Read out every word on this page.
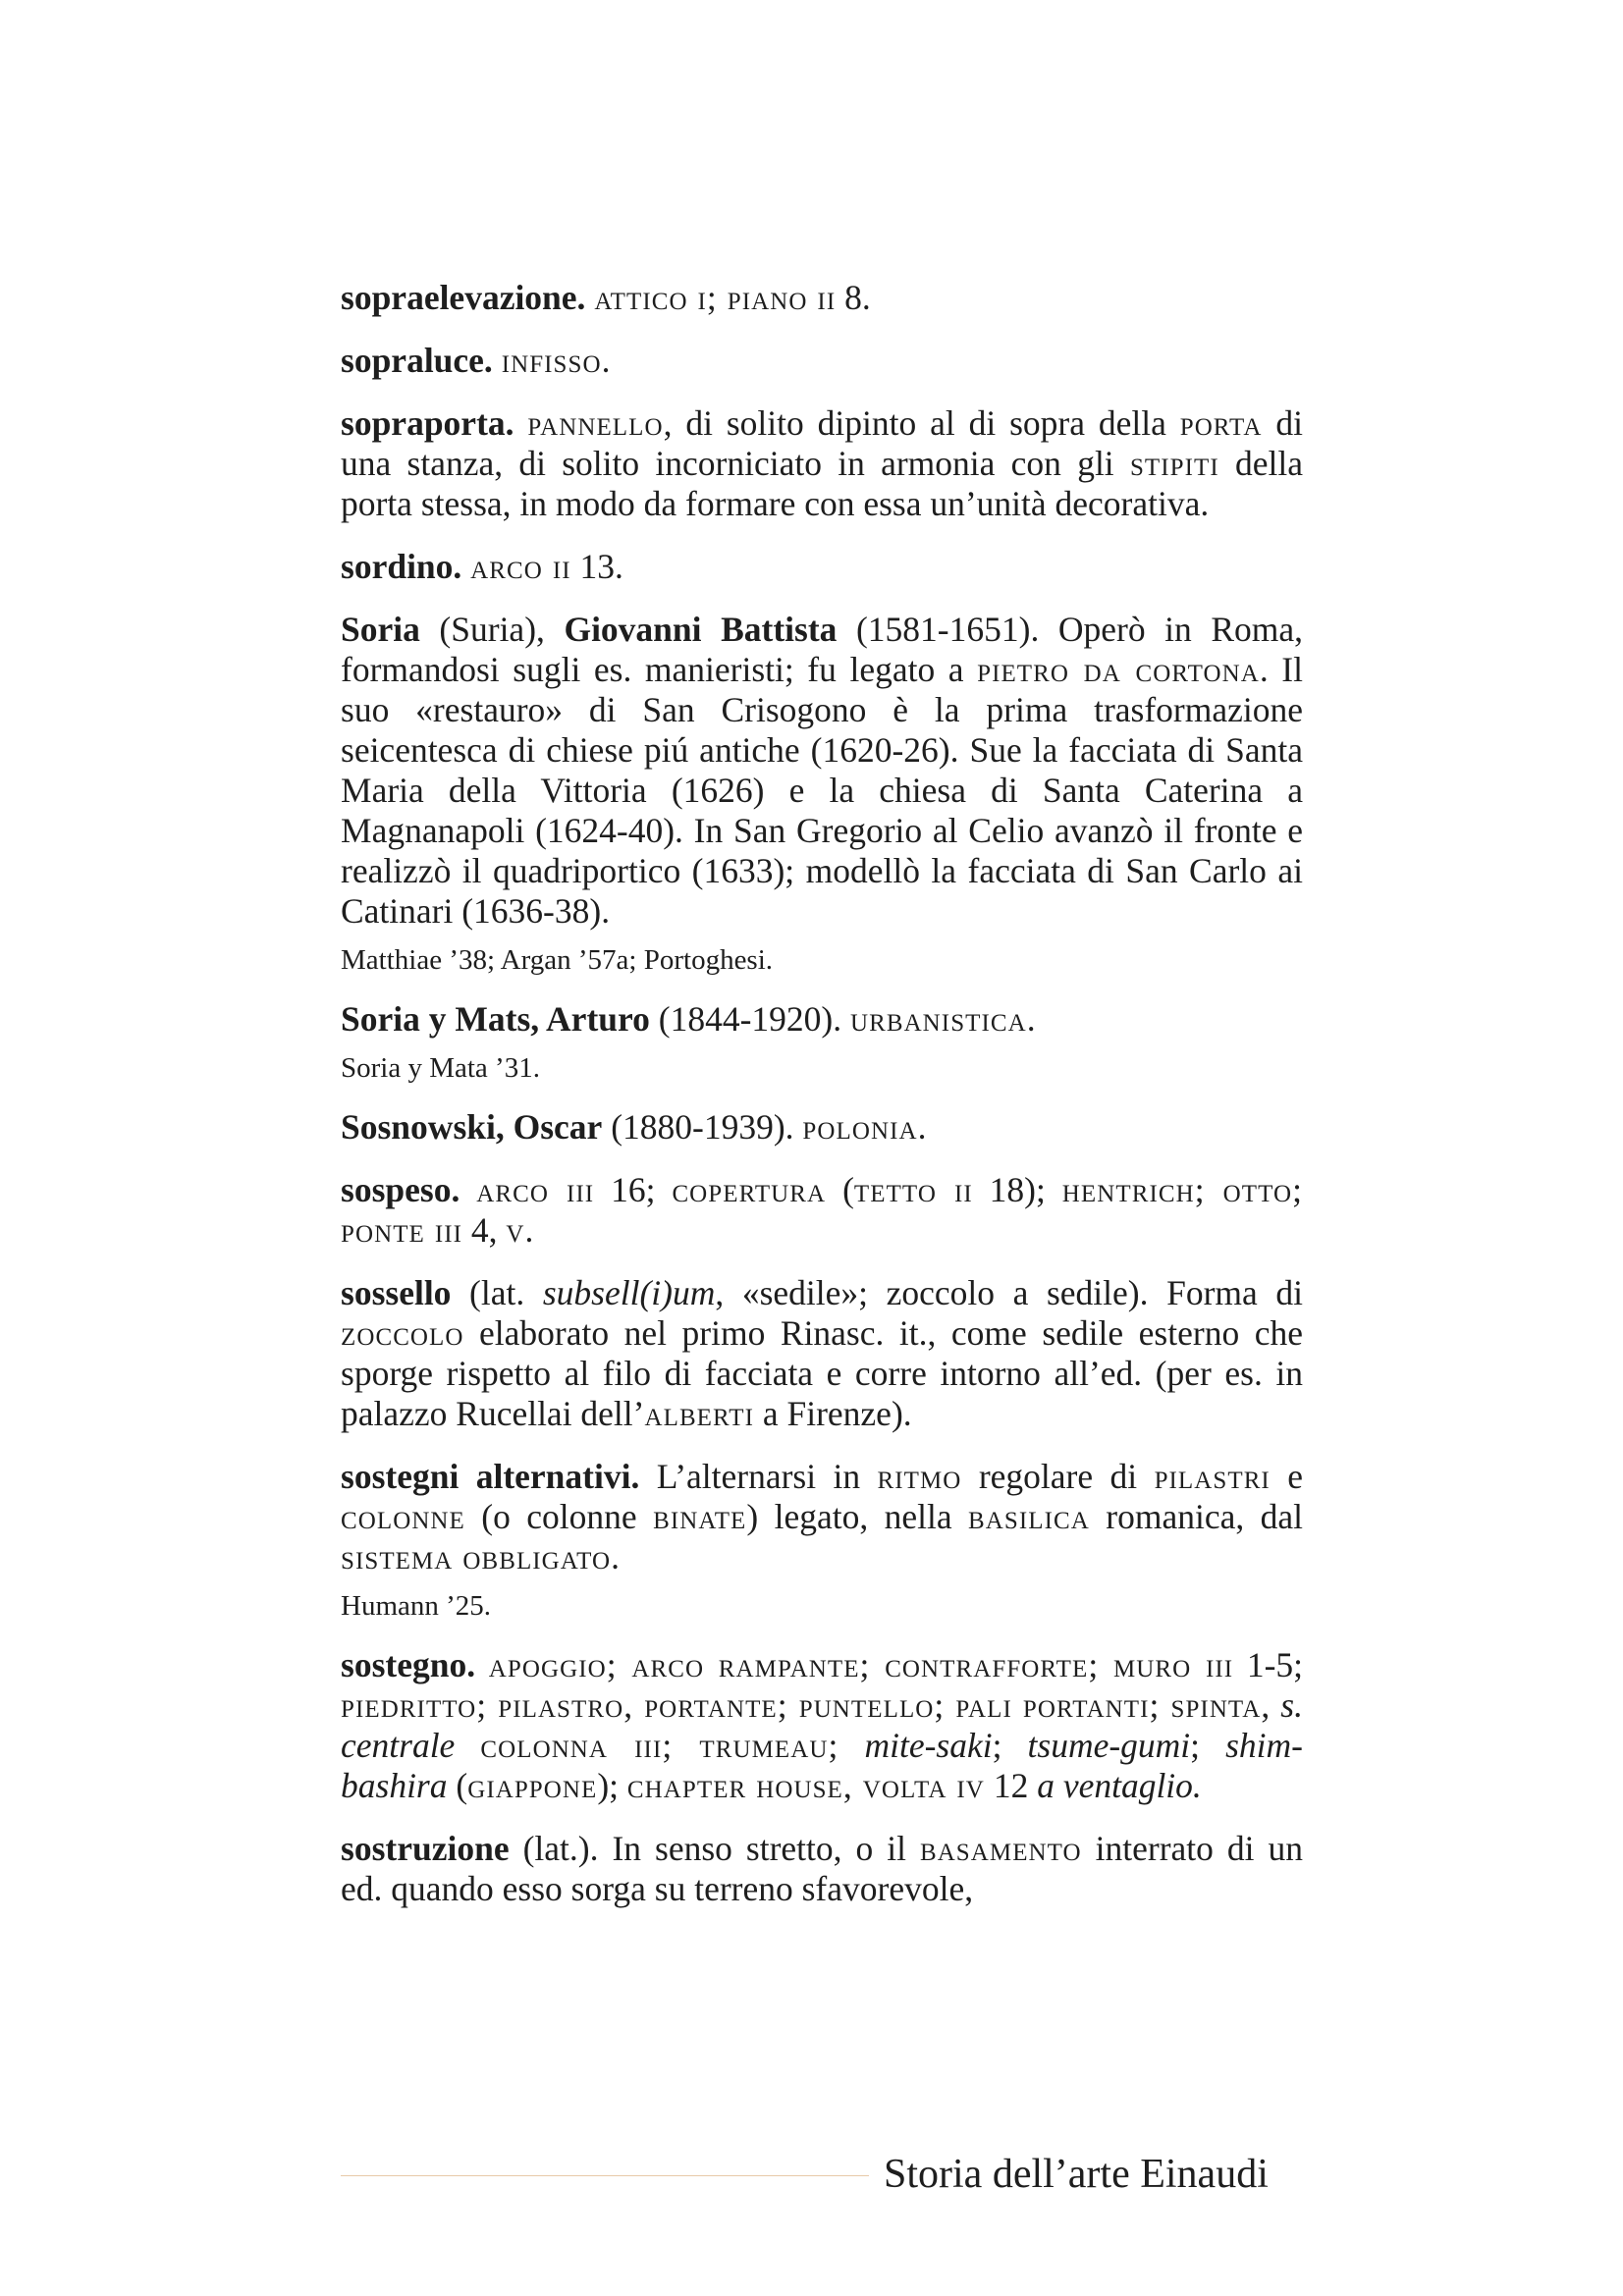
sopraelevazione. attico i; piano ii 8.

sopraluce. infisso.

sopraporta. pannello, di solito dipinto al di sopra della porta di una stanza, di solito incorniciato in armonia con gli stipiti della porta stessa, in modo da formare con essa un’unità decorativa.

sordino. arco ii 13.

Soria (Suria), Giovanni Battista (1581-1651). Operò in Roma, formandosi sugli es. manieristi; fu legato a pietro da cortona. Il suo «restauro» di San Crisogono è la prima trasformazione seicentesca di chiese piú antiche (1620-26). Sue la facciata di Santa Maria della Vittoria (1626) e la chiesa di Santa Caterina a Magnanapoli (1624-40). In San Gregorio al Celio avanzò il fronte e realizzò il quadriportico (1633); modellò la facciata di San Carlo ai Catinari (1636-38).

Matthiae ’38; Argan ’57a; Portoghesi.

Soria y Mats, Arturo (1844-1920). urbanistica.

Soria y Mata ’31.

Sosnowski, Oscar (1880-1939). polonia.

sospeso. arco iii 16; copertura (tetto ii 18); hentrich; otto; ponte iii 4, v.

sossello (lat. subsell(i)um, «sedile»; zoccolo a sedile). Forma di zoccolo elaborato nel primo Rinasc. it., come sedile esterno che sporge rispetto al filo di facciata e corre intorno all’ed. (per es. in palazzo Rucellai dell’alberti a Firenze).

sostegni alternativi. L’alternarsi in ritmo regolare di pilastri e colonne (o colonne binate) legato, nella basilica romanica, dal sistema obbligato.

Humann ’25.

sostegno. apoggio; arco rampante; contrafforte; muro iii 1-5; piedritto; pilastro, portante; puntello; pali portanti; spinta, s. centrale colonna iii; trumeau; mite-saki; tsume-gumi; shim-bashira (giappone); chapter house, volta iv 12 a ventaglio.

sostruzione (lat.). In senso stretto, o il basamento interrato di un ed. quando esso sorga su terreno sfavorevole,

Storia dell’arte Einaudi
